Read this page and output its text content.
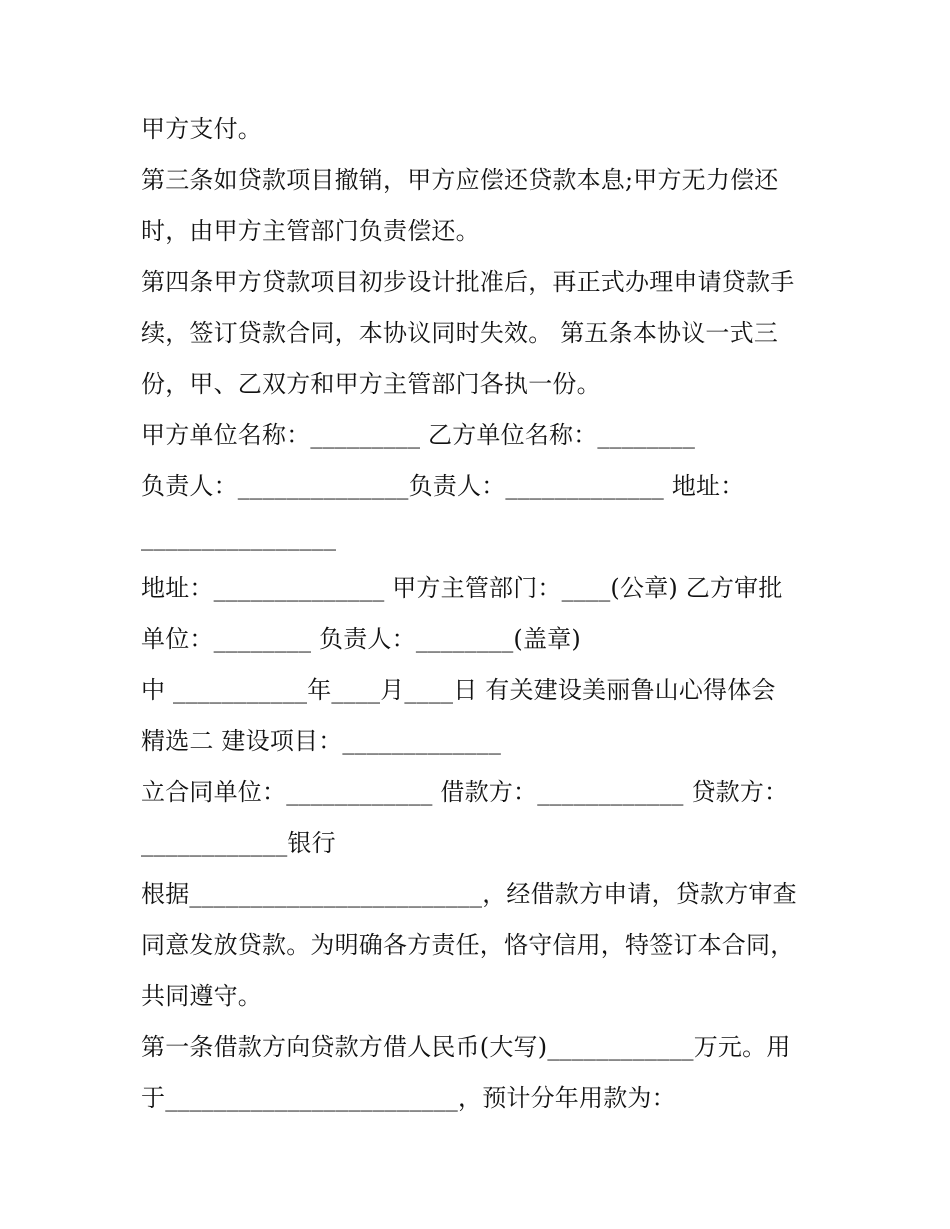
甲方支付。

第三条如贷款项目撤销，甲方应偿还贷款本息;甲方无力偿还

时，由甲方主管部门负责偿还。

第四条甲方贷款项目初步设计批准后，再正式办理申请贷款手

续，签订贷款合同，本协议同时失效。 第五条本协议一式三

份，甲、乙双方和甲方主管部门各执一份。

甲方单位名称：_________ 乙方单位名称：________

负责人：______________负责人：_____________ 地址：

________________

地址：______________ 甲方主管部门：____(公章) 乙方审批

单位：________ 负责人：________(盖章)

中 ___________年____月____日 有关建设美丽鲁山心得体会

精选二 建设项目：_____________

立合同单位：____________ 借款方：____________ 贷款方：

____________银行

根据________________________，经借款方申请，贷款方审查

同意发放贷款。为明确各方责任，恪守信用，特签订本合同，

共同遵守。

第一条借款方向贷款方借人民币(大写)____________万元。用

于________________________，预计分年用款为：
